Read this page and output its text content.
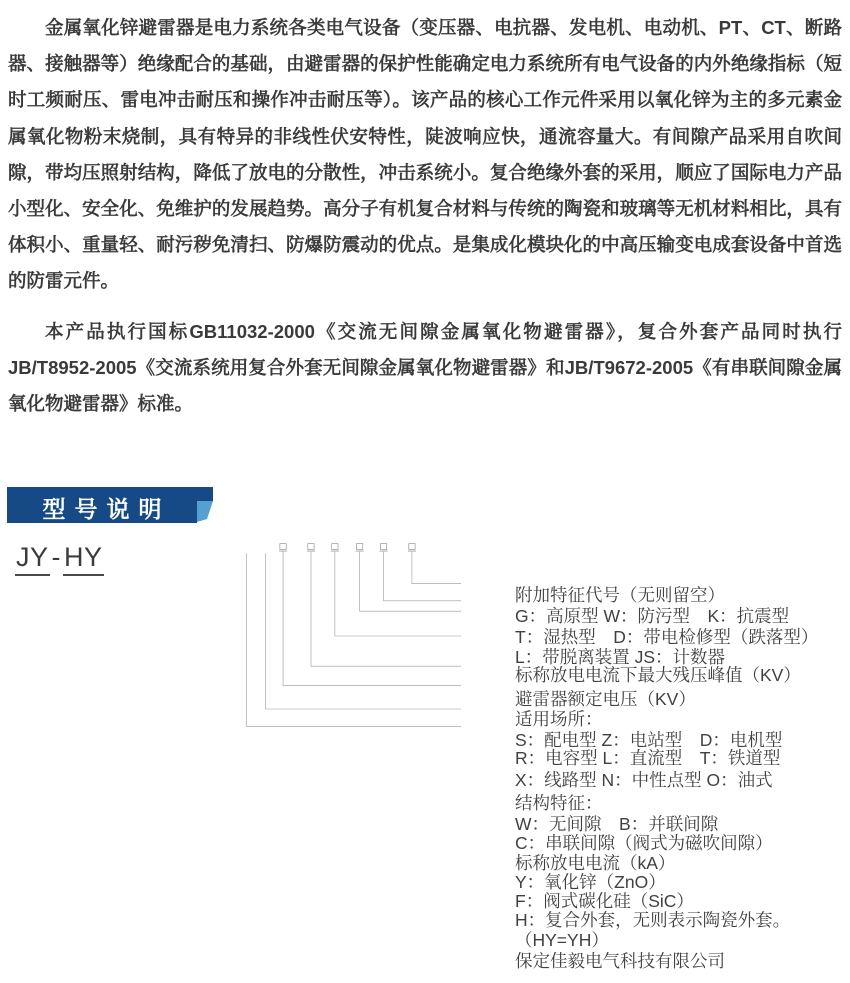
金属氧化锌避雷器是电力系统各类电气设备（变压器、电抗器、发电机、电动机、PT、CT、断路器、接触器等）绝缘配合的基础，由避雷器的保护性能确定电力系统所有电气设备的内外绝缘指标（短时工频耐压、雷电冲击耐压和操作冲击耐压等）。该产品的核心工作元件采用以氧化锌为主的多元素金属氧化物粉末烧制，具有特异的非线性伏安特性，陡波响应快，通流容量大。有间隙产品采用自吹间隙，带均压照射结构，降低了放电的分散性，冲击系统小。复合绝缘外套的采用，顺应了国际电力产品小型化、安全化、免维护的发展趋势。高分子有机复合材料与传统的陶瓷和玻璃等无机材料相比，具有体积小、重量轻、耐污秽免清扫、防爆防震动的优点。是集成化模块化的中高压输变电成套设备中首选的防雷元件。

本产品执行国标GB11032-2000《交流无间隙金属氧化物避雷器》，复合外套产品同时执行JB/T8952-2005《交流系统用复合外套无间隙金属氧化物避雷器》和JB/T9672-2005《有串联间隙金属氧化物避雷器》标准。

型号说明
JY - HY
附加特征代号（无则留空）
G：高原型 W：防污型　K：抗震型
T：湿热型　D：带电检修型（跌落型）
L：带脱离装置 JS：计数器
标称放电电流下最大残压峰值（KV）
避雷器额定电压（KV）
适用场所：
S：配电型 Z：电站型　D：电机型
R：电容型 L：直流型　T：铁道型
X：线路型 N：中性点型 O：油式
结构特征：
W：无间隙　B：并联间隙
C：串联间隙（阀式为磁吹间隙）
标称放电电流（kA）
Y：氧化锌（ZnO）
F：阀式碳化硅（SiC）
H：复合外套，无则表示陶瓷外套。
（HY=YH）
保定佳毅电气科技有限公司
